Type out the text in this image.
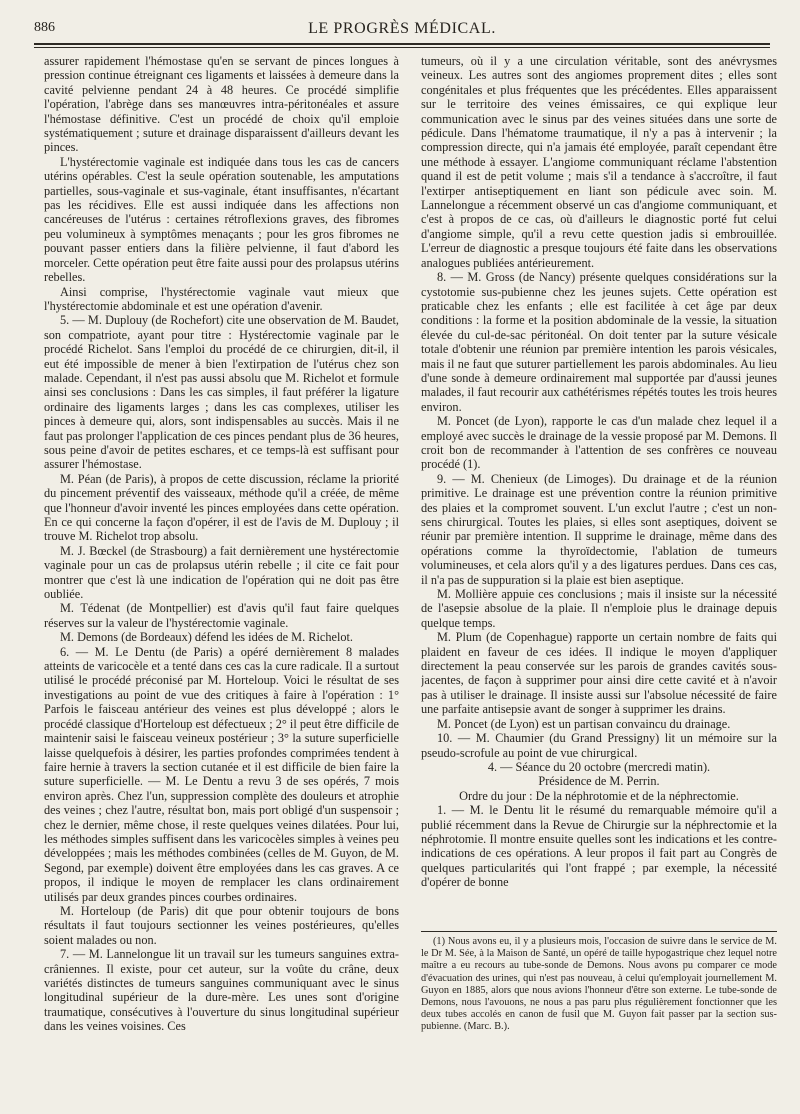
886	LE PROGRÈS MÉDICAL.

assurer rapidement l'hémostase qu'en se servant de pinces longues à pression continue étreignant ces ligaments et laissées à demeure dans la cavité pelvienne pendant 24 à 48 heures. Ce procédé simplifie l'opération, l'abrège dans ses manœuvres intra-péritonéales et assure l'hémostase définitive. C'est un procédé de choix qu'il emploie systématiquement ; suture et drainage disparaissent d'ailleurs devant les pinces.

L'hystérectomie vaginale est indiquée dans tous les cas de cancers utérins opérables. C'est la seule opération soutenable, les amputations partielles, sous-vaginale et sus-vaginale, étant insuffisantes, n'écartant pas les récidives. Elle est aussi indiquée dans les affections non cancéreuses de l'utérus : certaines rétroflexions graves, des fibromes peu volumineux à symptômes menaçants ; pour les gros fibromes ne pouvant passer entiers dans la filière pelvienne, il faut d'abord les morceler. Cette opération peut être faite aussi pour des prolapsus utérins rebelles.

Ainsi comprise, l'hystérectomie vaginale vaut mieux que l'hystérectomie abdominale et est une opération d'avenir.

5. — M. Duplouy (de Rochefort) cite une observation de M. Baudet, son compatriote, ayant pour titre : Hystérectomie vaginale par le procédé Richelot. Sans l'emploi du procédé de ce chirurgien, dit-il, il eut été impossible de mener à bien l'extirpation de l'utérus chez son malade. Cependant, il n'est pas aussi absolu que M. Richelot et formule ainsi ses conclusions : Dans les cas simples, il faut préférer la ligature ordinaire des ligaments larges ; dans les cas complexes, utiliser les pinces à demeure qui, alors, sont indispensables au succès. Mais il ne faut pas prolonger l'application de ces pinces pendant plus de 36 heures, sous peine d'avoir de petites eschares, et ce temps-là est suffisant pour assurer l'hémostase.

M. Péan (de Paris), à propos de cette discussion, réclame la priorité du pincement préventif des vaisseaux, méthode qu'il a créée, de même que l'honneur d'avoir inventé les pinces employées dans cette opération. En ce qui concerne la façon d'opérer, il est de l'avis de M. Duplouy ; il trouve M. Richelot trop absolu.

M. J. Bœckel (de Strasbourg) a fait dernièrement une hystérectomie vaginale pour un cas de prolapsus utérin rebelle ; il cite ce fait pour montrer que c'est là une indication de l'opération qui ne doit pas être oubliée.

M. Tédenat (de Montpellier) est d'avis qu'il faut faire quelques réserves sur la valeur de l'hystérectomie vaginale.

M. Demons (de Bordeaux) défend les idées de M. Richelot.

6. — M. Le Dentu (de Paris) a opéré dernièrement 8 malades atteints de varicocèle et a tenté dans ces cas la cure radicale. Il a surtout utilisé le procédé préconisé par M. Horteloup. Voici le résultat de ses investigations au point de vue des critiques à faire à l'opération : 1° Parfois le faisceau antérieur des veines est plus développé ; alors le procédé classique d'Horteloup est défectueux ; 2° il peut être difficile de maintenir saisi le faisceau veineux postérieur ; 3° la suture superficielle laisse quelquefois à désirer, les parties profondes comprimées tendent à faire hernie à travers la section cutanée et il est difficile de bien faire la suture superficielle. — M. Le Dentu a revu 3 de ses opérés, 7 mois environ après. Chez l'un, suppression complète des douleurs et atrophie des veines ; chez l'autre, résultat bon, mais port obligé d'un suspensoir ; chez le dernier, même chose, il reste quelques veines dilatées. Pour lui, les méthodes simples suffisent dans les varicocèles simples à veines peu développées ; mais les méthodes combinées (celles de M. Guyon, de M. Segond, par exemple) doivent être employées dans les cas graves. A ce propos, il indique le moyen de remplacer les clans ordinairement utilisés par deux grandes pinces courbes ordinaires.

M. Horteloup (de Paris) dit que pour obtenir toujours de bons résultats il faut toujours sectionner les veines postérieures, qu'elles soient malades ou non.

7. — M. Lannelongue lit un travail sur les tumeurs sanguines extra-crâniennes. Il existe, pour cet auteur, sur la voûte du crâne, deux variétés distinctes de tumeurs sanguines communiquant avec le sinus longitudinal supérieur de la dure-mère. Les unes sont d'origine traumatique, consécutives à l'ouverture du sinus longitudinal supérieur dans les veines voisines. Ces

tumeurs, où il y a une circulation véritable, sont des anévrysmes veineux. Les autres sont des angiomes proprement dites ; elles sont congénitales et plus fréquentes que les précédentes. Elles apparaissent sur le territoire des veines émissaires, ce qui explique leur communication avec le sinus par des veines situées dans une sorte de pédicule. Dans l'hématome traumatique, il n'y a pas à intervenir ; la compression directe, qui n'a jamais été employée, paraît cependant être une méthode à essayer. L'angiome communiquant réclame l'abstention quand il est de petit volume ; mais s'il a tendance à s'accroître, il faut l'extirper antiseptiquement en liant son pédicule avec soin. M. Lannelongue a récemment observé un cas d'angiome communiquant, et c'est à propos de ce cas, où d'ailleurs le diagnostic porté fut celui d'angiome simple, qu'il a revu cette question jadis si embrouillée. L'erreur de diagnostic a presque toujours été faite dans les observations analogues publiées antérieurement.

8. — M. Gross (de Nancy) présente quelques considérations sur la cystotomie sus-pubienne chez les jeunes sujets. Cette opération est praticable chez les enfants ; elle est facilitée à cet âge par deux conditions : la forme et la position abdominale de la vessie, la situation élevée du cul-de-sac péritonéal. On doit tenter par la suture vésicale totale d'obtenir une réunion par première intention les parois vésicales, mais il ne faut que suturer partiellement les parois abdominales. Au lieu d'une sonde à demeure ordinairement mal supportée par d'aussi jeunes malades, il faut recourir aux cathétérismes répétés toutes les trois heures environ.

M. Poncet (de Lyon), rapporte le cas d'un malade chez lequel il a employé avec succès le drainage de la vessie proposé par M. Demons. Il croit bon de recommander à l'attention de ses confrères ce nouveau procédé (1).

9. — M. Chenieux (de Limoges). Du drainage et de la réunion primitive. Le drainage est une prévention contre la réunion primitive des plaies et la compromet souvent. L'un exclut l'autre ; c'est un non-sens chirurgical. Toutes les plaies, si elles sont aseptiques, doivent se réunir par première intention. Il supprime le drainage, même dans des opérations comme la thyroïdectomie, l'ablation de tumeurs volumineuses, et cela alors qu'il y a des ligatures perdues. Dans ces cas, il n'a pas de suppuration si la plaie est bien aseptique.

M. Mollière appuie ces conclusions ; mais il insiste sur la nécessité de l'asepsie absolue de la plaie. Il n'emploie plus le drainage depuis quelque temps.

M. Plum (de Copenhague) rapporte un certain nombre de faits qui plaident en faveur de ces idées. Il indique le moyen d'appliquer directement la peau conservée sur les parois de grandes cavités sous-jacentes, de façon à supprimer pour ainsi dire cette cavité et à n'avoir pas à utiliser le drainage. Il insiste aussi sur l'absolue nécessité de faire une parfaite antisepsie avant de songer à supprimer les drains.

M. Poncet (de Lyon) est un partisan convaincu du drainage.

10. — M. Chaumier (du Grand Pressigny) lit un mémoire sur la pseudo-scrofule au point de vue chirurgical.

4. — Séance du 20 octobre (mercredi matin).

Présidence de M. Perrin.

Ordre du jour : De la néphrotomie et de la néphrectomie.

1. — M. le Dentu lit le résumé du remarquable mémoire qu'il a publié récemment dans la Revue de Chirurgie sur la néphrectomie et la néphrotomie. Il montre ensuite quelles sont les indications et les contre-indications de ces opérations. A leur propos il fait part au Congrès de quelques particularités qui l'ont frappé ; par exemple, la nécessité d'opérer de bonne

(1) Nous avons eu, il y a plusieurs mois, l'occasion de suivre dans le service de M. le Dr M. Sée, à la Maison de Santé, un opéré de taille hypogastrique chez lequel notre maître a eu recours au tube-sonde de Demons. Nous avons pu comparer ce mode d'évacuation des urines, qui n'est pas nouveau, à celui qu'employait journellement M. Guyon en 1885, alors que nous avions l'honneur d'être son externe. Le tube-sonde de Demons, nous l'avouons, ne nous a pas paru plus régulièrement fonctionner que les deux tubes accolés en canon de fusil que M. Guyon fait passer par la section sus-pubienne. (Marc. B.).
